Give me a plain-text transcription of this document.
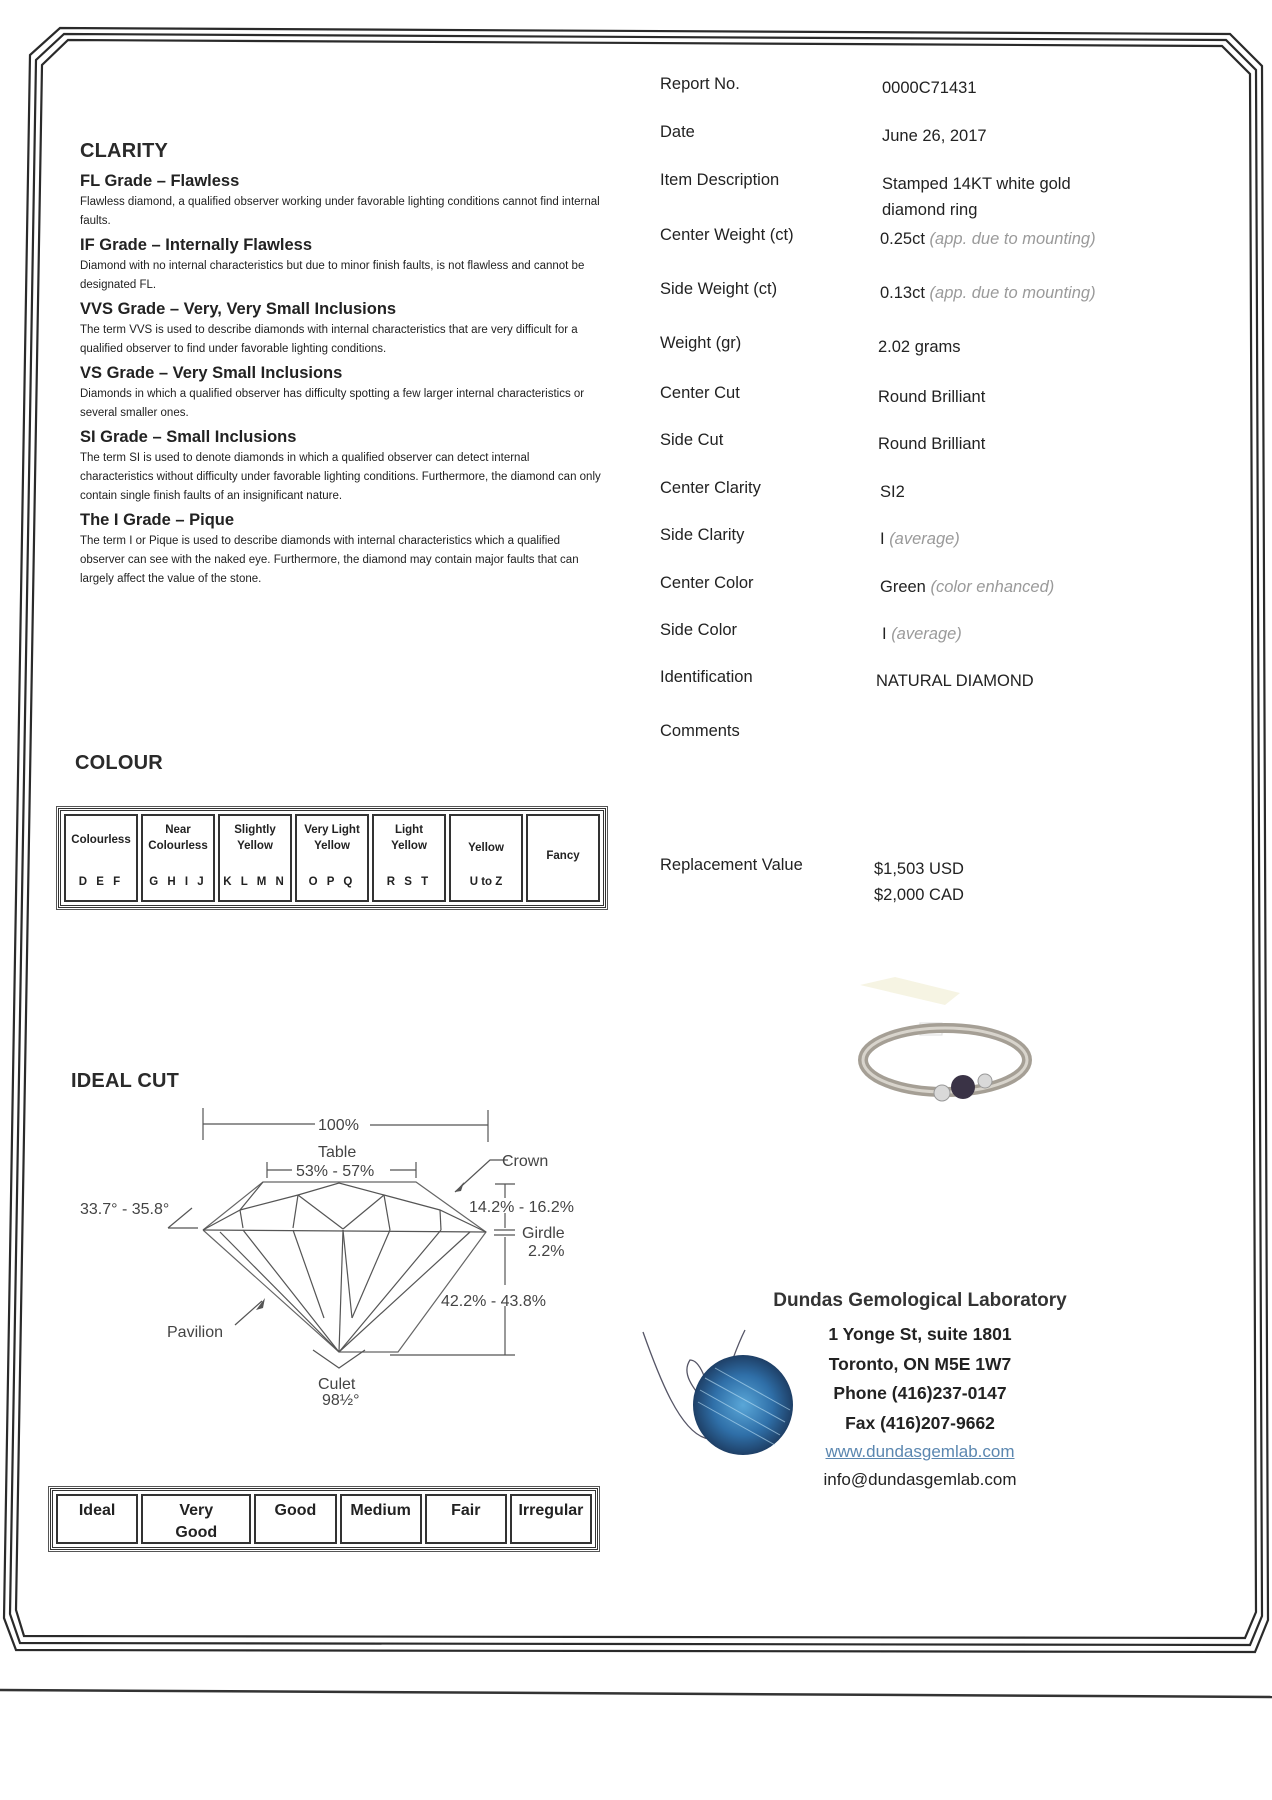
CLARITY
FL Grade – Flawless
Flawless diamond, a qualified observer working under favorable lighting conditions cannot find internal faults.
IF Grade – Internally Flawless
Diamond with no internal characteristics but due to minor finish faults, is not flawless and cannot be designated FL.
VVS Grade – Very, Very Small Inclusions
The term VVS is used to describe diamonds with internal characteristics that are very difficult for a qualified observer to find under favorable lighting conditions.
VS Grade – Very Small Inclusions
Diamonds in which a qualified observer has difficulty spotting a few larger internal characteristics or several smaller ones.
SI Grade – Small Inclusions
The term SI is used to denote diamonds in which a qualified observer can detect internal characteristics without difficulty under favorable lighting conditions. Furthermore, the diamond can only contain single finish faults of an insignificant nature.
The I Grade – Pique
The term I or Pique is used to describe diamonds with internal characteristics which a qualified observer can see with the naked eye. Furthermore, the diamond may contain major faults that can largely affect the value of the stone.
Report No.	0000C71431
Date	June 26, 2017
Item Description	Stamped 14KT white gold diamond ring
Center Weight (ct)	0.25ct (app. due to mounting)
Side Weight (ct)	0.13ct (app. due to mounting)
Weight (gr)	2.02 grams
Center Cut	Round Brilliant
Side Cut	Round Brilliant
Center Clarity	SI2
Side Clarity	I (average)
Center Color	Green (color enhanced)
Side Color	I (average)
Identification	NATURAL DIAMOND
Comments
Replacement Value	$1,503 USD
$2,000 CAD
COLOUR
Colourless
D E F
Near Colourless
G H I J
Slightly Yellow
K L M N
Very Light Yellow
O P Q
Light Yellow
R S T
Yellow
U to Z
Fancy
IDEAL CUT
100%
Table
53% - 57%
Crown
33.7° - 35.8°	14.2% - 16.2%
Girdle
2.2%
42.2% - 43.8%
Pavilion
Culet
98½°
Ideal	Very Good
Good	Medium	Fair	Irregular
Dundas Gemological Laboratory
1 Yonge St, suite 1801
Toronto, ON M5E 1W7
Phone (416)237-0147
Fax (416)207-9662
www.dundasgemlab.com
info@dundasgemlab.com
